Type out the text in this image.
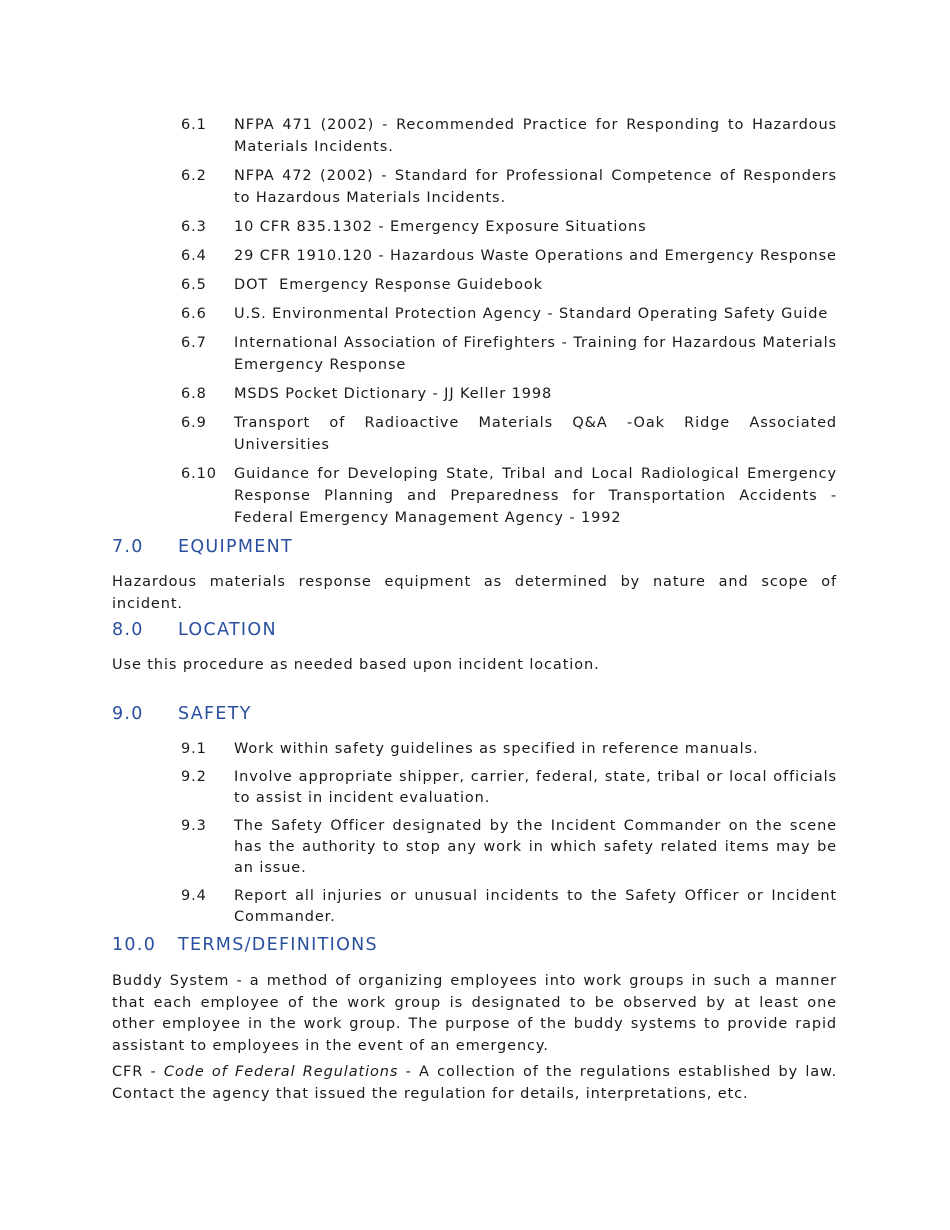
6.1	NFPA 471 (2002) - Recommended Practice for Responding to Hazardous Materials Incidents.
6.2	NFPA 472 (2002) - Standard for Professional Competence of Responders to Hazardous Materials Incidents.
6.3	10 CFR 835.1302 - Emergency Exposure Situations
6.4	29 CFR 1910.120 - Hazardous Waste Operations and Emergency Response
6.5	DOT  Emergency Response Guidebook
6.6	U.S. Environmental Protection Agency - Standard Operating Safety Guide
6.7	International Association of Firefighters - Training for Hazardous Materials Emergency Response
6.8	MSDS Pocket Dictionary - JJ Keller 1998
6.9	Transport of Radioactive Materials Q&A -Oak Ridge Associated Universities
6.10	Guidance for Developing State, Tribal and Local Radiological Emergency Response Planning and Preparedness for Transportation Accidents - Federal Emergency Management Agency - 1992
7.0 EQUIPMENT
Hazardous materials response equipment as determined by nature and scope of incident.
8.0 LOCATION
Use this procedure as needed based upon incident location.
9.0 SAFETY
9.1	Work within safety guidelines as specified in reference manuals.
9.2	Involve appropriate shipper, carrier, federal, state, tribal or local officials to assist in incident evaluation.
9.3	The Safety Officer designated by the Incident Commander on the scene has the authority to stop any work in which safety related items may be an issue.
9.4	Report all injuries or unusual incidents to the Safety Officer or Incident Commander.
10.0 TERMS/DEFINITIONS
Buddy System - a method of organizing employees into work groups in such a manner that each employee of the work group is designated to be observed by at least one other employee in the work group. The purpose of the buddy systems to provide rapid assistant to employees in the event of an emergency.
CFR - Code of Federal Regulations - A collection of the regulations established by law. Contact the agency that issued the regulation for details, interpretations, etc.
